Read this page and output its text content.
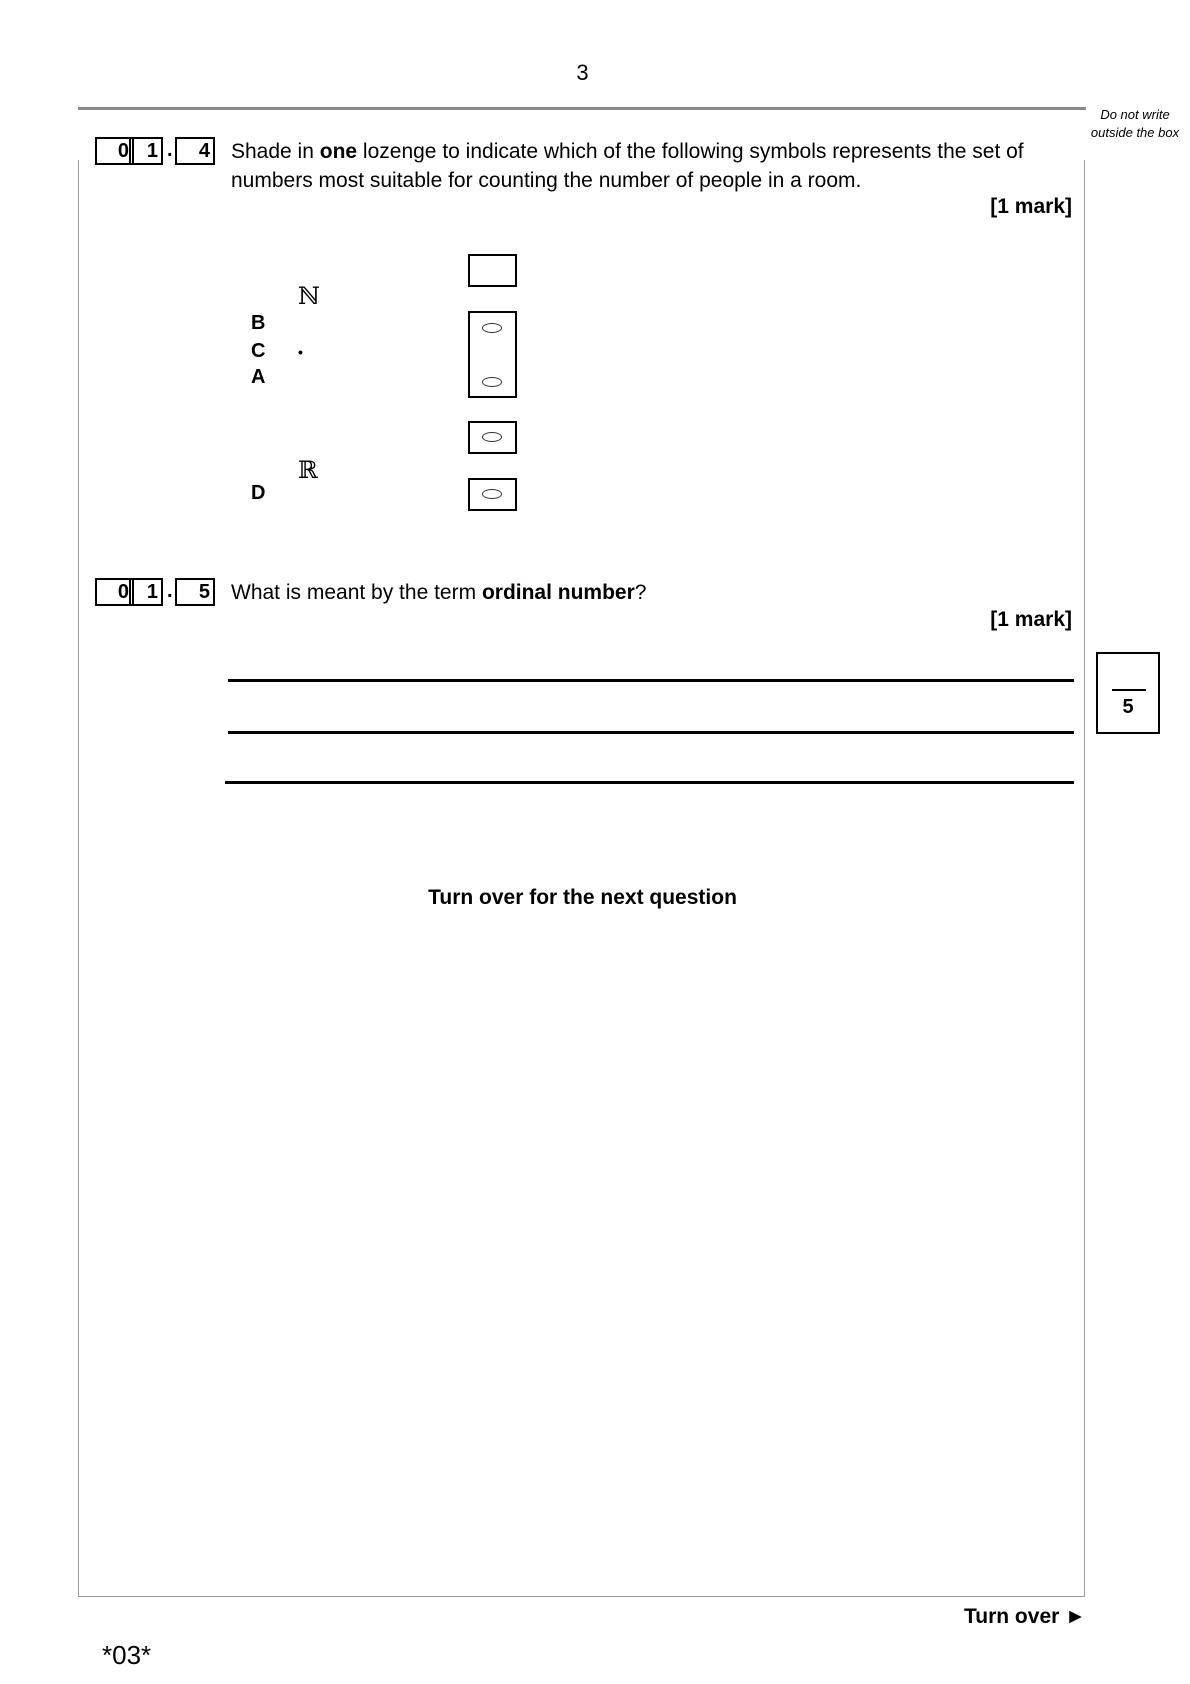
3
Do not write outside the box
0 1 .	4 Shade in one lozenge to indicate which of the following symbols represents the set of numbers most suitable for counting the number of people in a room.
[1 mark]
ℕ
B
C •
A
ℝ
D
0 1 .	5 What is meant by the term ordinal number?
[1 mark]
5
Turn over for the next question
Turn over ►
*03*
